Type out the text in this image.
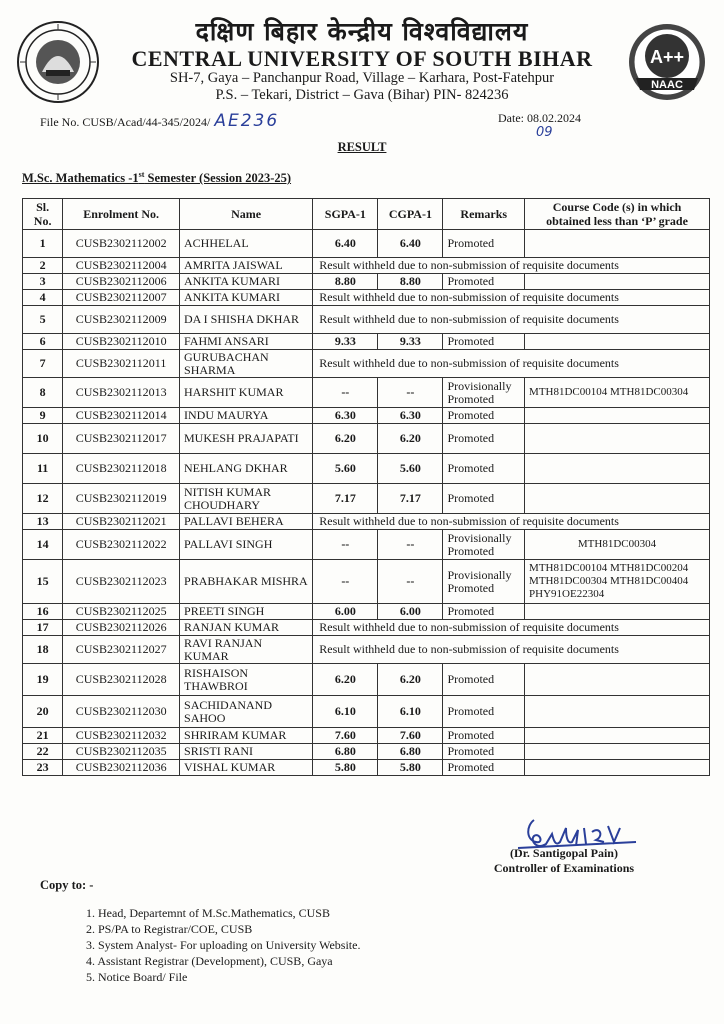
दक्षिण बिहार केन्द्रीय विश्वविद्यालय
CENTRAL UNIVERSITY OF SOUTH BIHAR
SH-7, Gaya – Panchanpur Road, Village – Karhara, Post-Fatehpur
P.S. – Tekari, District – Gava (Bihar) PIN- 824236
A++
NAAC
File No. CUSB/Acad/44-345/2024/ AE236	Date: 08.02.2024
09
RESULT
M.Sc. Mathematics -1st Semester (Session 2023-25)
Sl. No.	Enrolment No.	Name	SGPA-1	CGPA-1	Remarks	Course Code (s) in which obtained less than ‘P’ grade
1	CUSB2302112002	ACHHELAL	6.40	6.40	Promoted	
2	CUSB2302112004	AMRITA JAISWAL	Result withheld due to non-submission of requisite documents			
3	CUSB2302112006	ANKITA KUMARI	8.80	8.80	Promoted	
4	CUSB2302112007	ANKITA KUMARI	Result withheld due to non-submission of requisite documents			
5	CUSB2302112009	DA I SHISHA DKHAR	Result withheld due to non-submission of requisite documents			
6	CUSB2302112010	FAHMI ANSARI	9.33	9.33	Promoted	
7	CUSB2302112011	GURUBACHAN SHARMA	Result withheld due to non-submission of requisite documents			
8	CUSB2302112013	HARSHIT KUMAR	--	--	Provisionally Promoted	MTH81DC00104 MTH81DC00304
9	CUSB2302112014	INDU MAURYA	6.30	6.30	Promoted	
10	CUSB2302112017	MUKESH PRAJAPATI	6.20	6.20	Promoted	
11	CUSB2302112018	NEHLANG DKHAR	5.60	5.60	Promoted	
12	CUSB2302112019	NITISH KUMAR CHOUDHARY	7.17	7.17	Promoted	
13	CUSB2302112021	PALLAVI BEHERA	Result withheld due to non-submission of requisite documents			
14	CUSB2302112022	PALLAVI SINGH	--	--	Provisionally Promoted	MTH81DC00304
15	CUSB2302112023	PRABHAKAR MISHRA	--	--	Provisionally Promoted	MTH81DC00104 MTH81DC00204 MTH81DC00304 MTH81DC00404 PHY91OE22304
16	CUSB2302112025	PREETI SINGH	6.00	6.00	Promoted	
17	CUSB2302112026	RANJAN KUMAR	Result withheld due to non-submission of requisite documents			
18	CUSB2302112027	RAVI RANJAN KUMAR	Result withheld due to non-submission of requisite documents			
19	CUSB2302112028	RISHAISON THAWBROI	6.20	6.20	Promoted	
20	CUSB2302112030	SACHIDANAND SAHOO	6.10	6.10	Promoted	
21	CUSB2302112032	SHRIRAM KUMAR	7.60	7.60	Promoted	
22	CUSB2302112035	SRISTI RANI	6.80	6.80	Promoted	
23	CUSB2302112036	VISHAL KUMAR	5.80	5.80	Promoted	
(Dr. Santigopal Pain)
Controller of Examinations
Copy to: -
1. Head, Departemnt of M.Sc.Mathematics, CUSB
2. PS/PA to Registrar/COE, CUSB
3. System Analyst- For uploading on University Website.
4. Assistant Registrar (Development), CUSB, Gaya
5. Notice Board/ File
